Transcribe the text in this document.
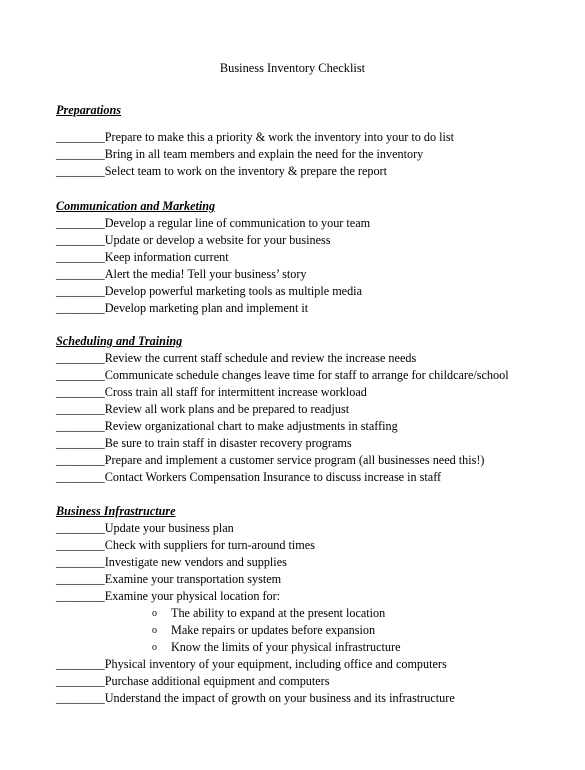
Business Inventory Checklist
Preparations
________ Prepare to make this a priority & work the inventory into your to do list
________ Bring in all team members and explain the need for the inventory
________ Select team to work on the inventory & prepare the report
Communication and Marketing
________ Develop a regular line of communication to your team
________ Update or develop a website for your business
________ Keep information current
________ Alert the media! Tell your business’ story
________ Develop powerful marketing tools as multiple media
________ Develop marketing plan and implement it
Scheduling and Training
________ Review the current staff schedule and review the increase needs
________ Communicate schedule changes leave time for staff to arrange for childcare/school
________ Cross train all staff for intermittent increase workload
________ Review all work plans and be prepared to readjust
________ Review organizational chart to make adjustments in staffing
________ Be sure to train staff in disaster recovery programs
________ Prepare and implement a customer service program (all businesses need this!)
________ Contact Workers Compensation Insurance to discuss increase in staff
Business Infrastructure
________ Update your business plan
________ Check with suppliers for turn-around times
________ Investigate new vendors and supplies
________ Examine your transportation system
________ Examine your physical location for:
o	The ability to expand at the present location
o	Make repairs or updates before expansion
o	Know the limits of your physical infrastructure
________ Physical inventory of your equipment, including office and computers
________ Purchase additional equipment and computers
________ Understand the impact of growth on your business and its infrastructure
